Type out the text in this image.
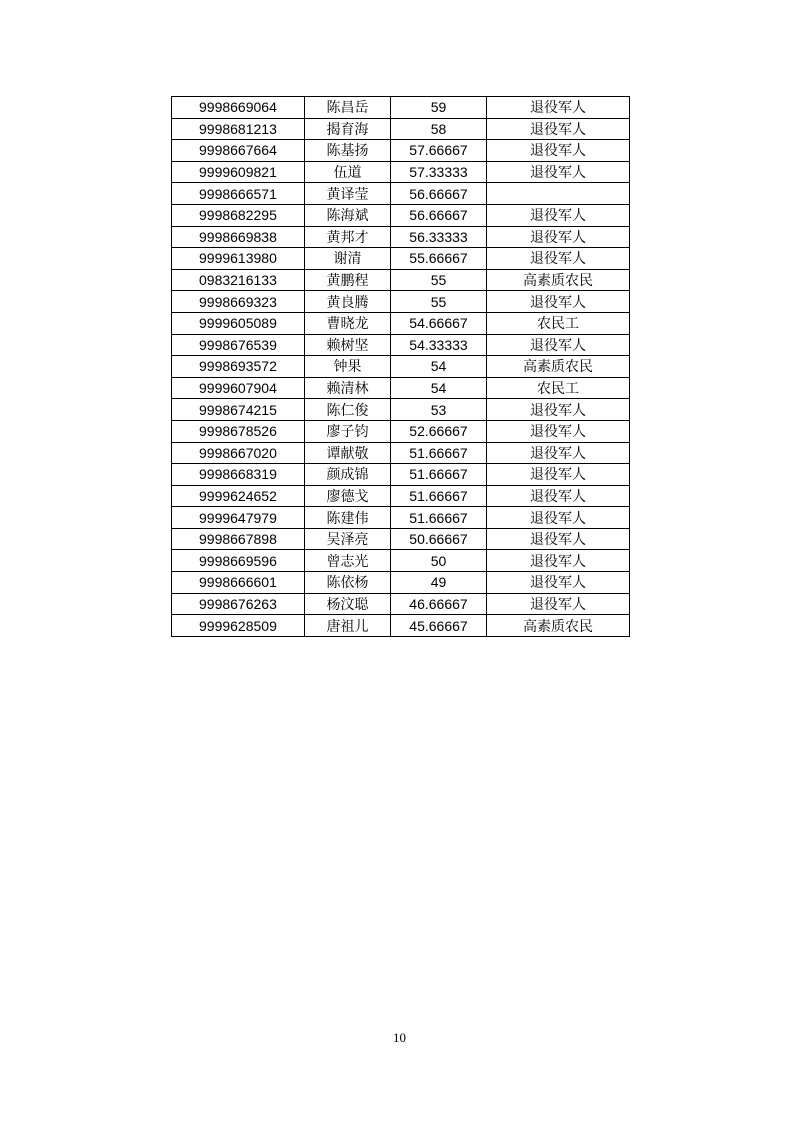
9998669064	陈昌岳	59	退役军人
9998681213	揭育海	58	退役军人
9998667664	陈基扬	57.66667	退役军人
9999609821	伍道	57.33333	退役军人
9998666571	黄译莹	56.66667	
9998682295	陈海斌	56.66667	退役军人
9998669838	黄邦才	56.33333	退役军人
9999613980	谢清	55.66667	退役军人
0983216133	黄鹏程	55	高素质农民
9998669323	黄良腾	55	退役军人
9999605089	曹晓龙	54.66667	农民工
9998676539	赖树坚	54.33333	退役军人
9998693572	钟果	54	高素质农民
9999607904	赖清林	54	农民工
9998674215	陈仁俊	53	退役军人
9998678526	廖子钧	52.66667	退役军人
9998667020	谭献敬	51.66667	退役军人
9998668319	颜成锦	51.66667	退役军人
9999624652	廖德戈	51.66667	退役军人
9999647979	陈建伟	51.66667	退役军人
9998667898	吴泽亮	50.66667	退役军人
9998669596	曾志光	50	退役军人
9998666601	陈依杨	49	退役军人
9998676263	杨汶聪	46.66667	退役军人
9999628509	唐祖儿	45.66667	高素质农民
10
